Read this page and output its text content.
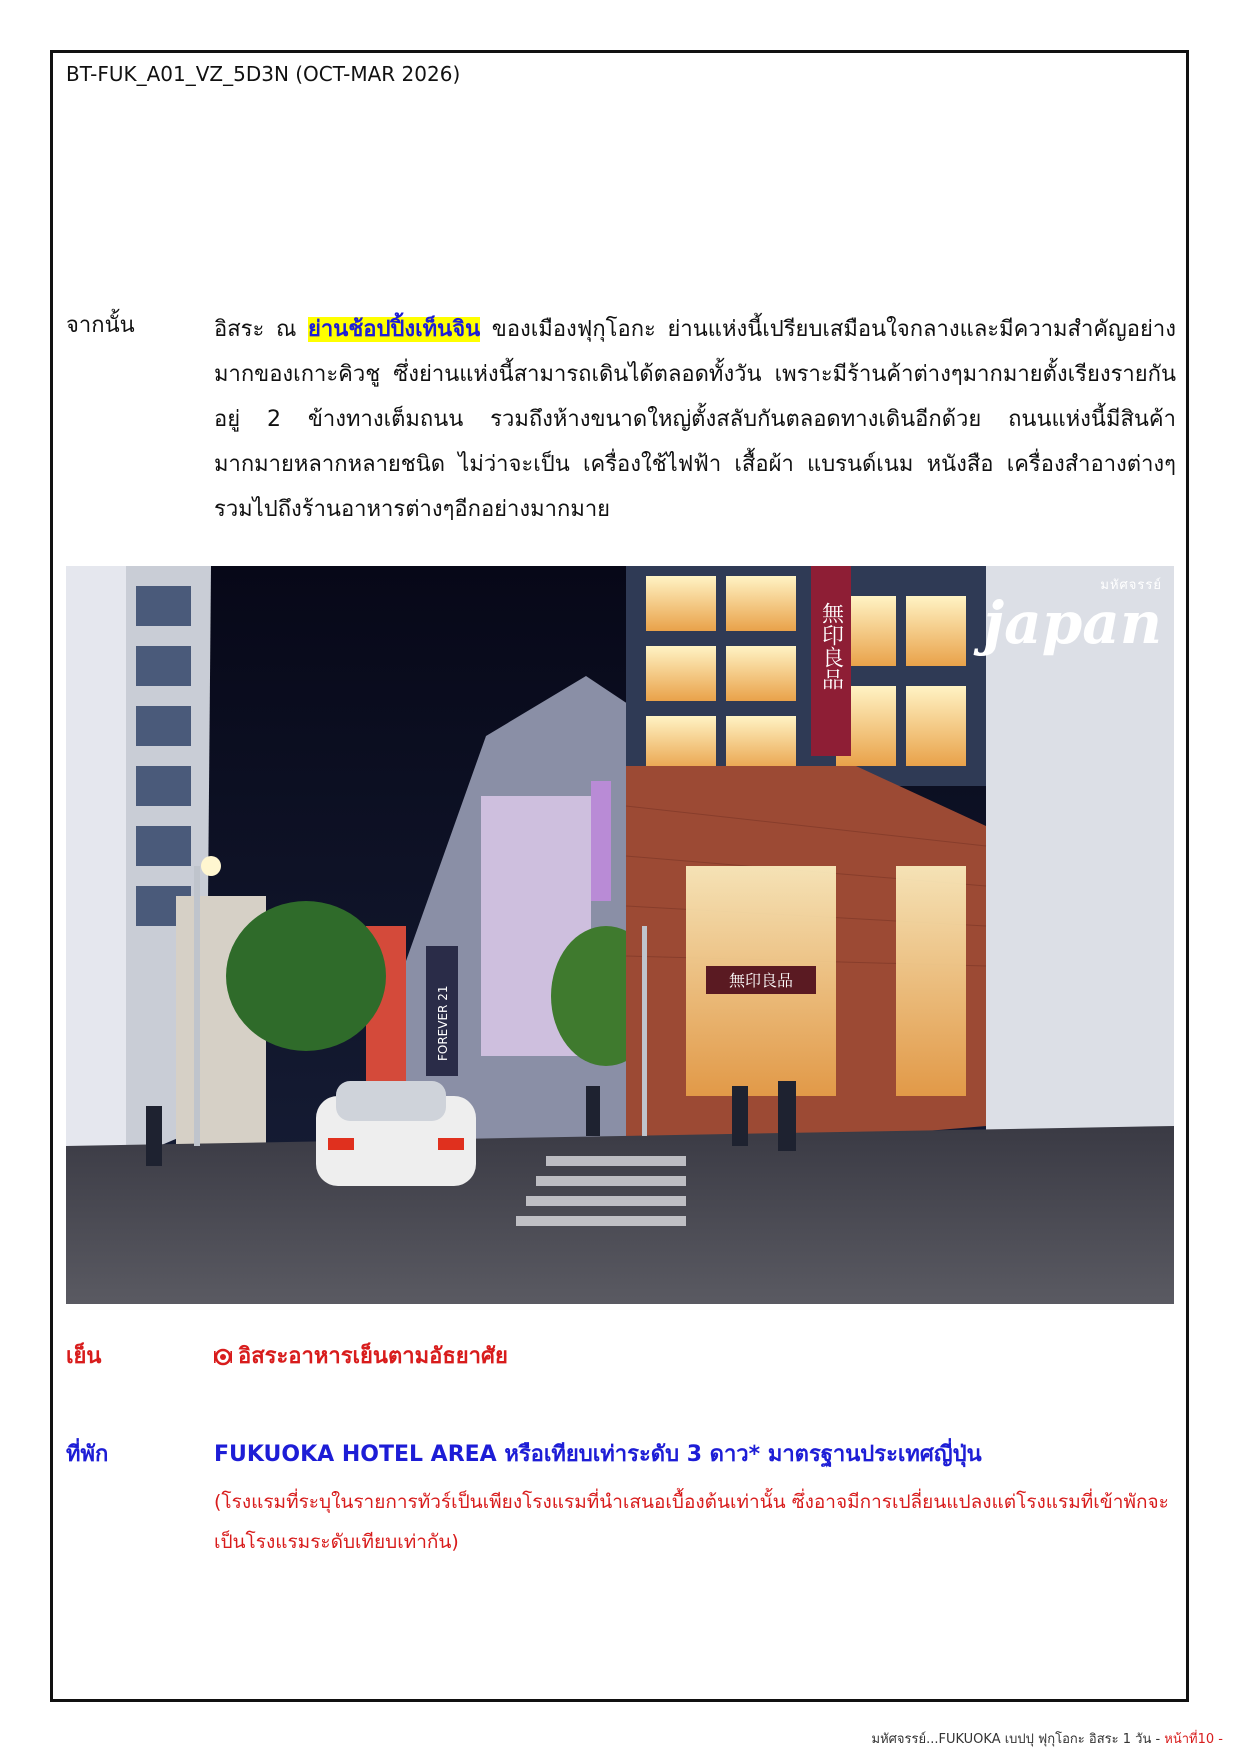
BT-FUK_A01_VZ_5D3N (OCT-MAR 2026)
จากนั้น	อิสระ ณ ย่านช้อปปิ้งเท็นจิน ของเมืองฟุกุโอกะ ย่านแห่งนี้เปรียบเสมือนใจกลางและมีความสำคัญอย่างมากของเกาะคิวชู ซึ่งย่านแห่งนี้สามารถเดินได้ตลอดทั้งวัน เพราะมีร้านค้าต่างๆมากมายตั้งเรียงรายกันอยู่ 2 ข้างทางเต็มถนน รวมถึงห้างขนาดใหญ่ตั้งสลับกันตลอดทางเดินอีกด้วย ถนนแห่งนี้มีสินค้ามากมายหลากหลายชนิด ไม่ว่าจะเป็น เครื่องใช้ไฟฟ้า เสื้อผ้า แบรนด์เนม หนังสือ เครื่องสำอางต่างๆรวมไปถึงร้านอาหารต่างๆอีกอย่างมากมาย
FOREVER 21
無印良品
無印良品
มหัศจรรย์
japan
เย็น	อิสระอาหารเย็นตามอัธยาศัย
ที่พัก	FUKUOKA HOTEL AREA หรือเทียบเท่าระดับ 3 ดาว* มาตรฐานประเทศญี่ปุ่น
(โรงแรมที่ระบุในรายการทัวร์เป็นเพียงโรงแรมที่นำเสนอเบื้องต้นเท่านั้น ซึ่งอาจมีการเปลี่ยนแปลงแต่โรงแรมที่เข้าพักจะเป็นโรงแรมระดับเทียบเท่ากัน)
มหัศจรรย์...FUKUOKA เบปปุ ฟุกุโอกะ อิสระ 1 วัน - หน้าที่10 -
